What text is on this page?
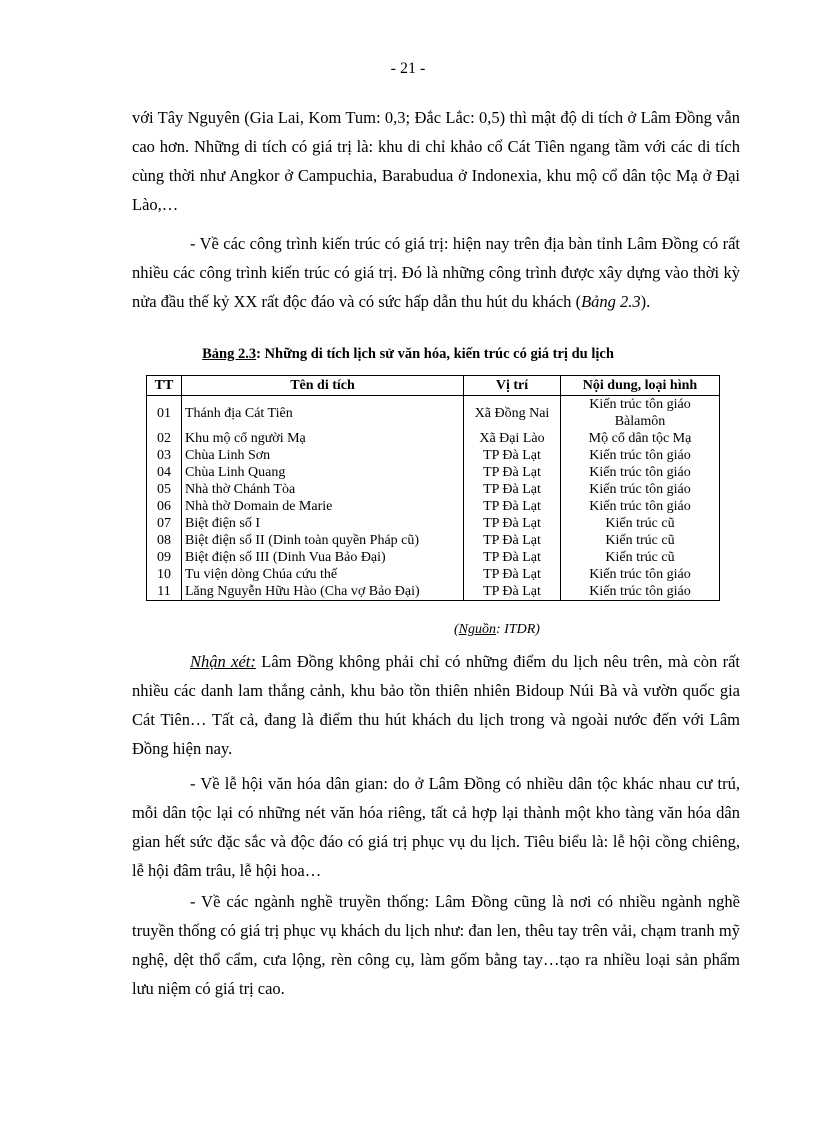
- 21 -

với Tây Nguyên (Gia Lai, Kom Tum: 0,3; Đắc Lắc: 0,5) thì mật độ di tích ở Lâm Đồng vẫn cao hơn. Những di tích có giá trị là: khu di chỉ khảo cổ Cát Tiên ngang tầm với các di tích cùng thời như Angkor ở Campuchia, Barabudua ở Indonexia, khu mộ cổ dân tộc Mạ ở Đại Lào,…

- Về các công trình kiến trúc có giá trị: hiện nay trên địa bàn tỉnh Lâm Đồng có rất nhiều các công trình kiến trúc có giá trị. Đó là những công trình được xây dựng vào thời kỳ nửa đầu thế kỷ XX rất độc đáo và có sức hấp dẫn thu hút du khách (Bảng 2.3).

Bảng 2.3: Những di tích lịch sử văn hóa, kiến trúc có giá trị du lịch
TT	Tên di tích	Vị trí	Nội dung, loại hình
01	Thánh địa Cát Tiên	Xã Đồng Nai	Kiến trúc tôn giáo
Bàlamôn
02	Khu mộ cổ người Mạ	Xã Đại Lào	Mộ cổ dân tộc Mạ
03	Chùa Linh Sơn	TP Đà Lạt	Kiến trúc tôn giáo
04	Chùa Linh Quang	TP Đà Lạt	Kiến trúc tôn giáo
05	Nhà thờ Chánh Tòa	TP Đà Lạt	Kiến trúc tôn giáo
06	Nhà thờ Domain de Marie	TP Đà Lạt	Kiến trúc tôn giáo
07	Biệt điện số I	TP Đà Lạt	Kiến trúc cũ
08	Biệt điện số II (Dinh toàn quyền Pháp cũ)	TP Đà Lạt	Kiến trúc cũ
09	Biệt điện số III (Dinh Vua Bảo Đại)	TP Đà Lạt	Kiến trúc cũ
10	Tu viện dòng Chúa cứu thế	TP Đà Lạt	Kiến trúc tôn giáo
11	Lăng Nguyễn Hữu Hào (Cha vợ Bảo Đại)	TP Đà Lạt	Kiến trúc tôn giáo
(Nguồn: ITDR)

Nhận xét: Lâm Đồng không phải chỉ có những điểm du lịch nêu trên, mà còn rất nhiều các danh lam thắng cảnh, khu bảo tồn thiên nhiên Bidoup Núi Bà và vườn quốc gia Cát Tiên… Tất cả, đang là điểm thu hút khách du lịch trong và ngoài nước đến với Lâm Đồng hiện nay.

- Về lễ hội văn hóa dân gian: do ở Lâm Đồng có nhiều dân tộc khác nhau cư trú, mỗi dân tộc lại có những nét văn hóa riêng, tất cả hợp lại thành một kho tàng văn hóa dân gian hết sức đặc sắc và độc đáo có giá trị phục vụ du lịch. Tiêu biểu là: lễ hội cồng chiêng, lễ hội đâm trâu, lễ hội hoa…

- Về các ngành nghề truyền thống: Lâm Đồng cũng là nơi có nhiều ngành nghề truyền thống có giá trị phục vụ khách du lịch như: đan len, thêu tay trên vải, chạm tranh mỹ nghệ, dệt thổ cẩm, cưa lộng, rèn công cụ, làm gốm bằng tay…tạo ra nhiều loại sản phẩm lưu niệm có giá trị cao.
